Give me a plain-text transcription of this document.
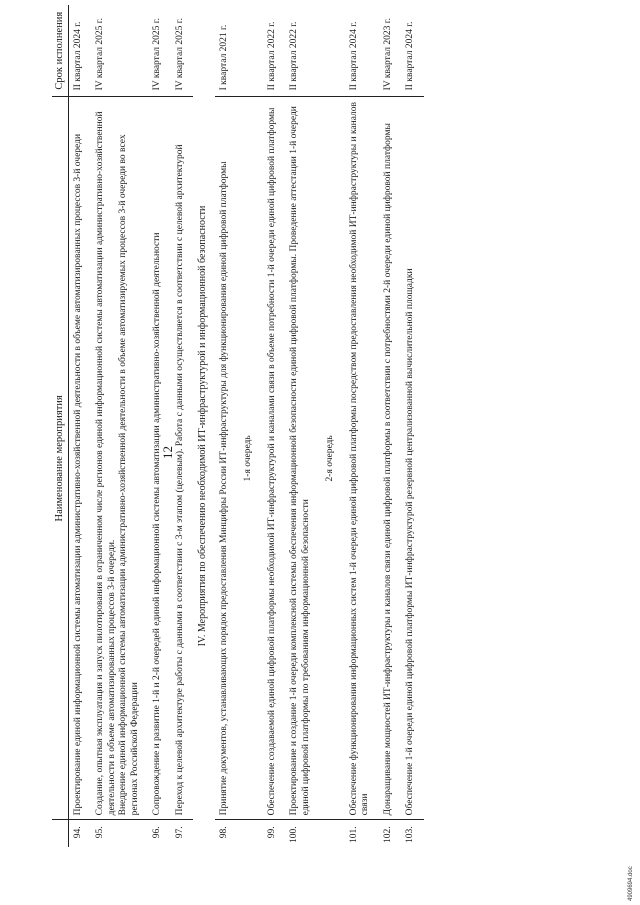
12
	Наименование мероприятия	Срок исполнения
94.	Проектирование единой информационной системы автоматизации административно-хозяйственной деятельности в объеме автоматизированных процессов 3-й очереди	II квартал 2024 г.
95.	Создание, опытная эксплуатация и запуск пилотирования в ограниченном числе регионов единой информационной системы автоматизации административно-хозяйственной деятельности в объеме автоматизированных процессов 3-й очереди. Внедрение единой информационной системы автоматизации административно-хозяйственной деятельности в объеме автоматизируемых процессов 3-й очереди во всех регионах Российской Федерации	IV квартал 2025 г.
96.	Сопровождение и развитие 1-й и 2-й очередей единой информационной системы автоматизации административно-хозяйственной деятельности	IV квартал 2025 г.
97.	Переход к целевой архитектуре работы с данными в соответствии с 3-м этапом (целевым). Работа с данными осуществляется в соответствии с целевой архитектурой	IV квартал 2025 г.
IV. Мероприятия по обеспечению необходимой ИТ-инфраструктурой и информационной безопасности		
98.	Принятие документов, устанавливающих порядок предоставления Минцифры России ИТ-инфраструктуры для функционирования единой цифровой платформы	I квартал 2021 г.
	1-я очередь	
99.	Обеспечение создаваемой единой цифровой платформы необходимой ИТ-инфраструктурой и каналами связи в объеме потребности 1-й очереди единой цифровой платформы	II квартал 2022 г.
100.	Проектирование и создание 1-й очереди комплексной системы обеспечения информационной безопасности единой цифровой платформы. Проведение аттестации 1-й очереди единой цифровой платформы по требованиям информационной безопасности	II квартал 2022 г.
	2-я очередь	
101.	Обеспечение функционирования информационных систем 1-й очереди единой цифровой платформы посредством предоставления необходимой ИТ-инфраструктуры и каналов связи	II квартал 2024 г.
102.	Донаращивание мощностей ИТ-инфраструктуры и каналов связи единой цифровой платформы в соответствии с потребностями 2-й очереди единой цифровой платформы	IV квартал 2023 г.
103.	Обеспечение 1-й очереди единой цифровой платформы ИТ-инфраструктурой резервной централизованной вычислительной площадки	II квартал 2024 г.
4909694.doc
